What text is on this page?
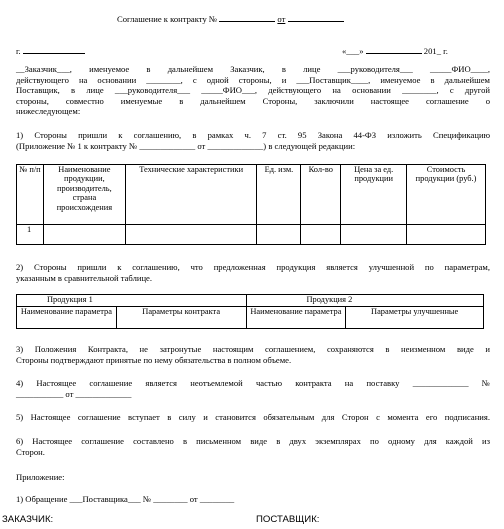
Соглашение к контракту №	от
г.	«___»	201_ г.
__Заказчик___, именуемое в дальнейшем Заказчик, в лице ___руководителя___ _____ФИО____,
действующего на основании ________, с одной стороны, и ___Поставщик____, именуемое в дальнейшем
Поставщик, в лице ___руководителя___ _____ФИО___, действующего на основании ________, с другой
стороны, совместно именуемые в дальнейшем Стороны, заключили настоящее соглашение о
нижеследующем:
1) Стороны пришли к соглашению, в рамках ч. 7 ст. 95 Закона 44-ФЗ изложить Спецификацию
(Приложение № 1 к контракту № _____________ от _____________) в следующей редакции:
№ п/п	Наименование продукции, производитель, страна происхождения	Технические характеристики	Ед. изм.	Кол-во	Цена за ед. продукции	Стоимость продукции (руб.)
1						
2) Стороны пришли к соглашению, что предложенная продукция является улучшенной по параметрам,
указанным в сравнительной таблице.
Продукция 1		Продукция 2	
Наименование параметра	Параметры контракта	Наименование параметра	Параметры улучшенные
3) Положения Контракта, не затронутые настоящим соглашением, сохраняются в неизменном виде и
Стороны подтверждают принятые по нему обязательства в полном объеме.
4) Настоящее соглашение является неотъемлемой частью контракта на поставку _____________ №
___________ от _____________
5) Настоящее соглашение вступает в силу и становится обязательным для Сторон с момента его подписания.
6) Настоящее соглашение составлено в письменном виде в двух экземплярах по одному для каждой из
Сторон.
Приложение:
1) Обращение ___Поставщика___ № ________ от ________
ЗАКАЗЧИК:	ПОСТАВЩИК:
